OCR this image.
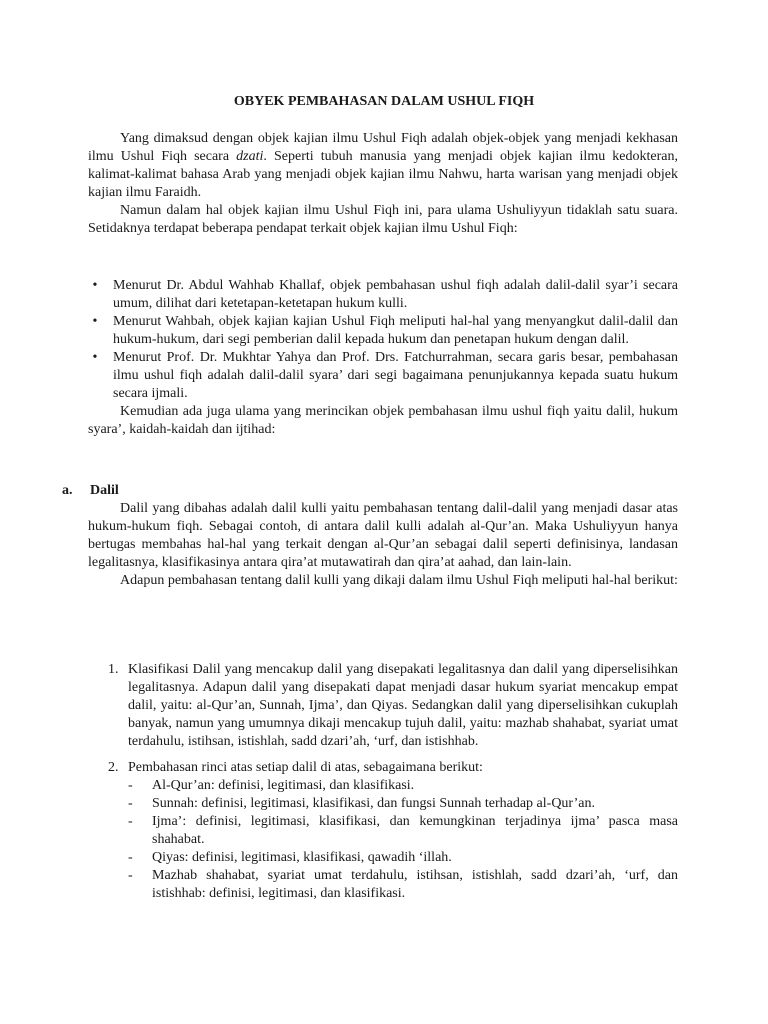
OBYEK PEMBAHASAN DALAM USHUL FIQH

Yang dimaksud dengan objek kajian ilmu Ushul Fiqh adalah objek-objek yang menjadi kekhasan ilmu Ushul Fiqh secara dzati. Seperti tubuh manusia yang menjadi objek kajian ilmu kedokteran, kalimat-kalimat bahasa Arab yang menjadi objek kajian ilmu Nahwu, harta warisan yang menjadi objek kajian ilmu Faraidh.

Namun dalam hal objek kajian ilmu Ushul Fiqh ini, para ulama Ushuliyyun tidaklah satu suara. Setidaknya terdapat beberapa pendapat terkait objek kajian ilmu Ushul Fiqh:

•	Menurut Dr. Abdul Wahhab Khallaf, objek pembahasan ushul fiqh adalah dalil-dalil syar’i secara umum, dilihat dari ketetapan-ketetapan hukum kulli.
•	Menurut Wahbah, objek kajian kajian Ushul Fiqh meliputi hal-hal yang menyangkut dalil-dalil dan hukum-hukum, dari segi pemberian dalil kepada hukum dan penetapan hukum dengan dalil.
•	Menurut Prof. Dr. Mukhtar Yahya dan Prof. Drs. Fatchurrahman, secara garis besar, pembahasan ilmu ushul fiqh adalah dalil-dalil syara’ dari segi bagaimana penunjukannya kepada suatu hukum secara ijmali.

Kemudian ada juga ulama yang merincikan objek pembahasan ilmu ushul fiqh yaitu dalil, hukum syara’, kaidah-kaidah dan ijtihad:

a. Dalil

Dalil yang dibahas adalah dalil kulli yaitu pembahasan tentang dalil-dalil yang menjadi dasar atas hukum-hukum fiqh. Sebagai contoh, di antara dalil kulli adalah al-Qur’an. Maka Ushuliyyun hanya bertugas membahas hal-hal yang terkait dengan al-Qur’an sebagai dalil seperti definisinya, landasan legalitasnya, klasifikasinya antara qira’at mutawatirah dan qira’at aahad, dan lain-lain.

Adapun pembahasan tentang dalil kulli yang dikaji dalam ilmu Ushul Fiqh meliputi hal-hal berikut:

1. Klasifikasi Dalil yang mencakup dalil yang disepakati legalitasnya dan dalil yang diperselisihkan legalitasnya. Adapun dalil yang disepakati dapat menjadi dasar hukum syariat mencakup empat dalil, yaitu: al-Qur’an, Sunnah, Ijma’, dan Qiyas. Sedangkan dalil yang diperselisihkan cukuplah banyak, namun yang umumnya dikaji mencakup tujuh dalil, yaitu: mazhab shahabat, syariat umat terdahulu, istihsan, istishlah, sadd dzari’ah, ‘urf, dan istishhab.
2. Pembahasan rinci atas setiap dalil di atas, sebagaimana berikut:
- Al-Qur’an: definisi, legitimasi, dan klasifikasi.
- Sunnah: definisi, legitimasi, klasifikasi, dan fungsi Sunnah terhadap al-Qur’an.
- Ijma’: definisi, legitimasi, klasifikasi, dan kemungkinan terjadinya ijma’ pasca masa shahabat.
- Qiyas: definisi, legitimasi, klasifikasi, qawadih ‘illah.
- Mazhab shahabat, syariat umat terdahulu, istihsan, istishlah, sadd dzari’ah, ‘urf, dan istishhab: definisi, legitimasi, dan klasifikasi.
